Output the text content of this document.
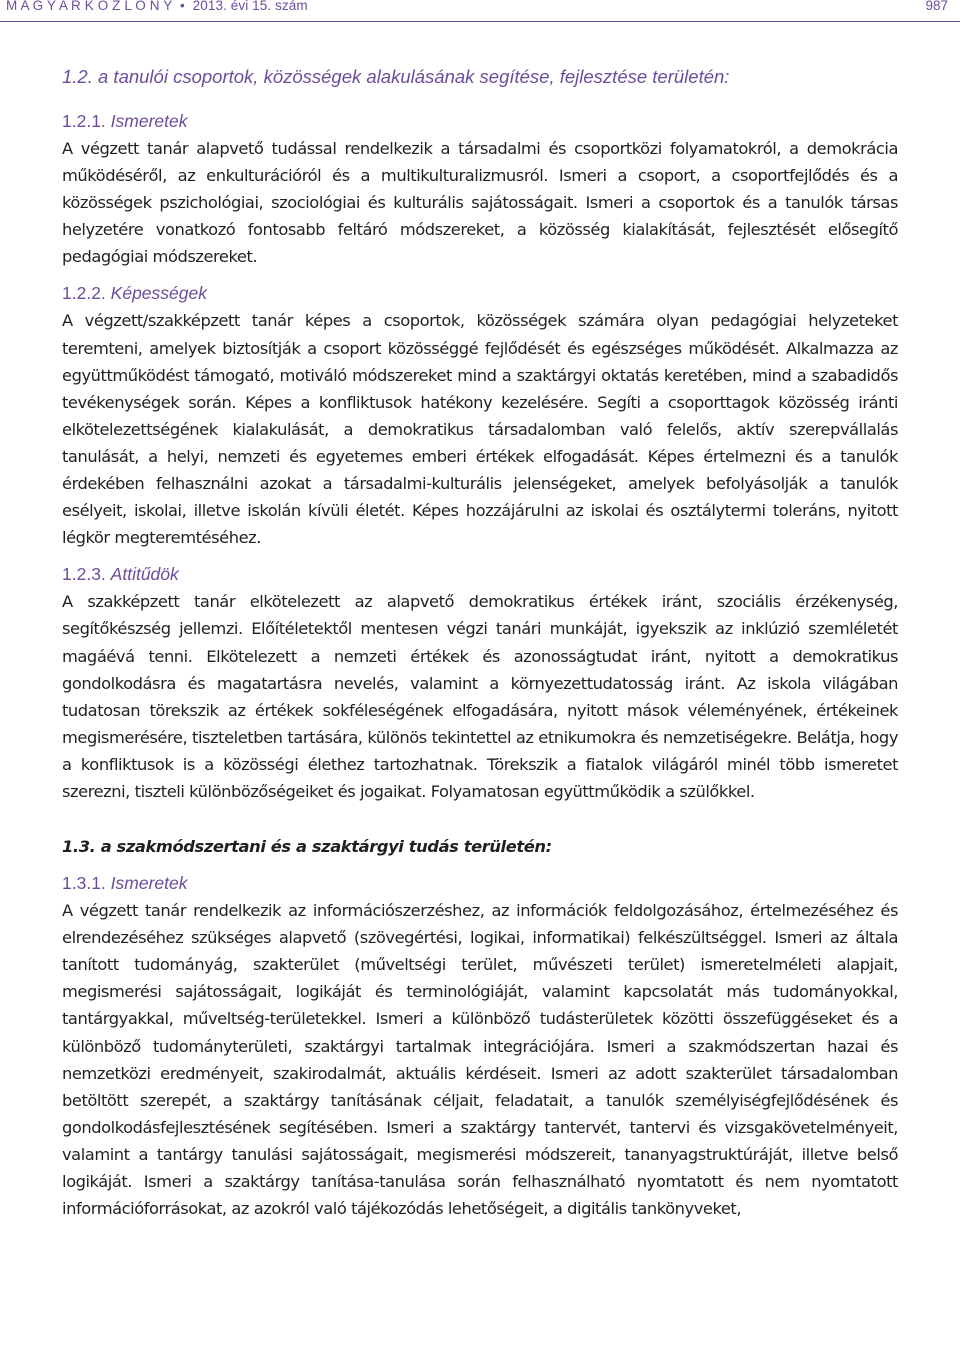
M A G Y A R K Ö Z L Ö N Y • 2013. évi 15. szám	987
1.2. a tanulói csoportok, közösségek alakulásának segítése, fejlesztése területén:
1.2.1. Ismeretek

A végzett tanár alapvető tudással rendelkezik a társadalmi és csoportközi folyamatokról, a demokrácia működéséről, az enkulturációról és a multikulturalizmusról. Ismeri a csoport, a csoportfejlődés és a közösségek pszichológiai, szociológiai és kulturális sajátosságait. Ismeri a csoportok és a tanulók társas helyzetére vonatkozó fontosabb feltáró módszereket, a közösség kialakítását, fejlesztését elősegítő pedagógiai módszereket.

1.2.2. Képességek

A végzett/szakképzett tanár képes a csoportok, közösségek számára olyan pedagógiai helyzeteket teremteni, amelyek biztosítják a csoport közösséggé fejlődését és egészséges működését. Alkalmazza az együttműködést támogató, motiváló módszereket mind a szaktárgyi oktatás keretében, mind a szabadidős tevékenységek során. Képes a konfliktusok hatékony kezelésére. Segíti a csoporttagok közösség iránti elkötelezettségének kialakulását, a demokratikus társadalomban való felelős, aktív szerepvállalás tanulását, a helyi, nemzeti és egyetemes emberi értékek elfogadását. Képes értelmezni és a tanulók érdekében felhasználni azokat a társadalmi-kulturális jelenségeket, amelyek befolyásolják a tanulók esélyeit, iskolai, illetve iskolán kívüli életét. Képes hozzájárulni az iskolai és osztálytermi toleráns, nyitott légkör megteremtéséhez.

1.2.3. Attitűdök

A szakképzett tanár elkötelezett az alapvető demokratikus értékek iránt, szociális érzékenység, segítőkészség jellemzi. Előítéletektől mentesen végzi tanári munkáját, igyekszik az inklúzió szemléletét magáévá tenni. Elkötelezett a nemzeti értékek és azonosságtudat iránt, nyitott a demokratikus gondolkodásra és magatartásra nevelés, valamint a környezettudatosság iránt. Az iskola világában tudatosan törekszik az értékek sokféleségének elfogadására, nyitott mások véleményének, értékeinek megismerésére, tiszteletben tartására, különös tekintettel az etnikumokra és nemzetiségekre. Belátja, hogy a konfliktusok is a közösségi élethez tartozhatnak. Törekszik a fiatalok világáról minél több ismeretet szerezni, tiszteli különbözőségeiket és jogaikat. Folyamatosan együttműködik a szülőkkel.

1.3. a szakmódszertani és a szaktárgyi tudás területén:
1.3.1. Ismeretek

A végzett tanár rendelkezik az információszerzéshez, az információk feldolgozásához, értelmezéséhez és elrendezéséhez szükséges alapvető (szövegértési, logikai, informatikai) felkészültséggel. Ismeri az általa tanított tudományág, szakterület (műveltségi terület, művészeti terület) ismeretelméleti alapjait, megismerési sajátosságait, logikáját és terminológiáját, valamint kapcsolatát más tudományokkal, tantárgyakkal, műveltség-területekkel. Ismeri a különböző tudásterületek közötti összefüggéseket és a különböző tudományterületi, szaktárgyi tartalmak integrációjára. Ismeri a szakmódszertan hazai és nemzetközi eredményeit, szakirodalmát, aktuális kérdéseit. Ismeri az adott szakterület társadalomban betöltött szerepét, a szaktárgy tanításának céljait, feladatait, a tanulók személyiségfejlődésének és gondolkodásfejlesztésének segítésében. Ismeri a szaktárgy tantervét, tantervi és vizsgakövetelményeit, valamint a tantárgy tanulási sajátosságait, megismerési módszereit, tananyagstruktúráját, illetve belső logikáját. Ismeri a szaktárgy tanítása-tanulása során felhasználható nyomtatott és nem nyomtatott információforrásokat, az azokról való tájékozódás lehetőségeit, a digitális tankönyveket,
